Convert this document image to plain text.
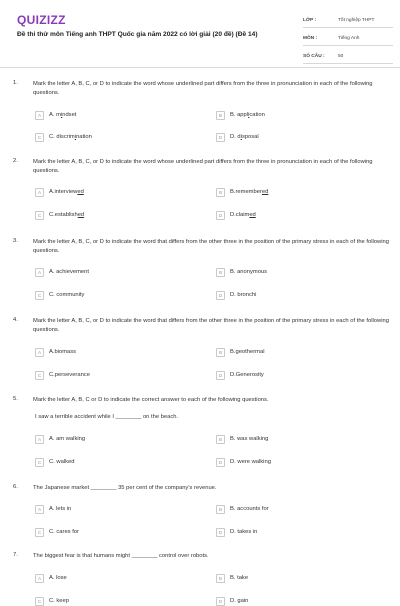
QUIZIZZ
Đề thi thử môn Tiếng anh THPT Quốc gia năm 2022 có lời giải (20 đề) (Đề 14)
LỚP :	Tốt nghiệp THPT
MÔN :	Tiếng Anh
SỐ CÂU :	50
1.	Mark the letter A, B, C, or D to indicate the word whose underlined part differs from the three in pronunciation in each of the following questions.
A	A. mindset	B	B. application
C	C. discrimination	D	D. disposal
2.	Mark the letter A, B, C, or D to indicate the word whose underlined part differs from the three in pronunciation in each of the following questions.
A	A.interviewed	B	B.remembered
C	C.established	D	D.claimed
3.	Mark the letter A, B, C, or D to indicate the word that differs from the other three in the position of the primary stress in each of the following questions.
A	A. achievement	B	B. anonymous
C	C. community	D	D. bronchi
4.	Mark the letter A, B, C, or D to indicate the word that differs from the other three in the position of the primary stress in each of the following questions.
A	A.biomass	B	B.geothermal
C	C.perseverance	D	D.Generosity
5.	Mark the letter A, B, C or D to indicate the correct answer to each of the following questions.
I saw a terrible accident while I ________ on the beach.
A	A. am walking	B	B. was walking
C	C. walked	D	D. were walking
6.	The Japanese market ________ 35 per cent of the company's revenue.
A	A. lets in	B	B. accounts for
C	C. cares for	D	D. takes in
7.	The biggest fear is that humans might ________ control over robots.
A	A. lose	B	B. take
C	C. keep	D	D. gain
